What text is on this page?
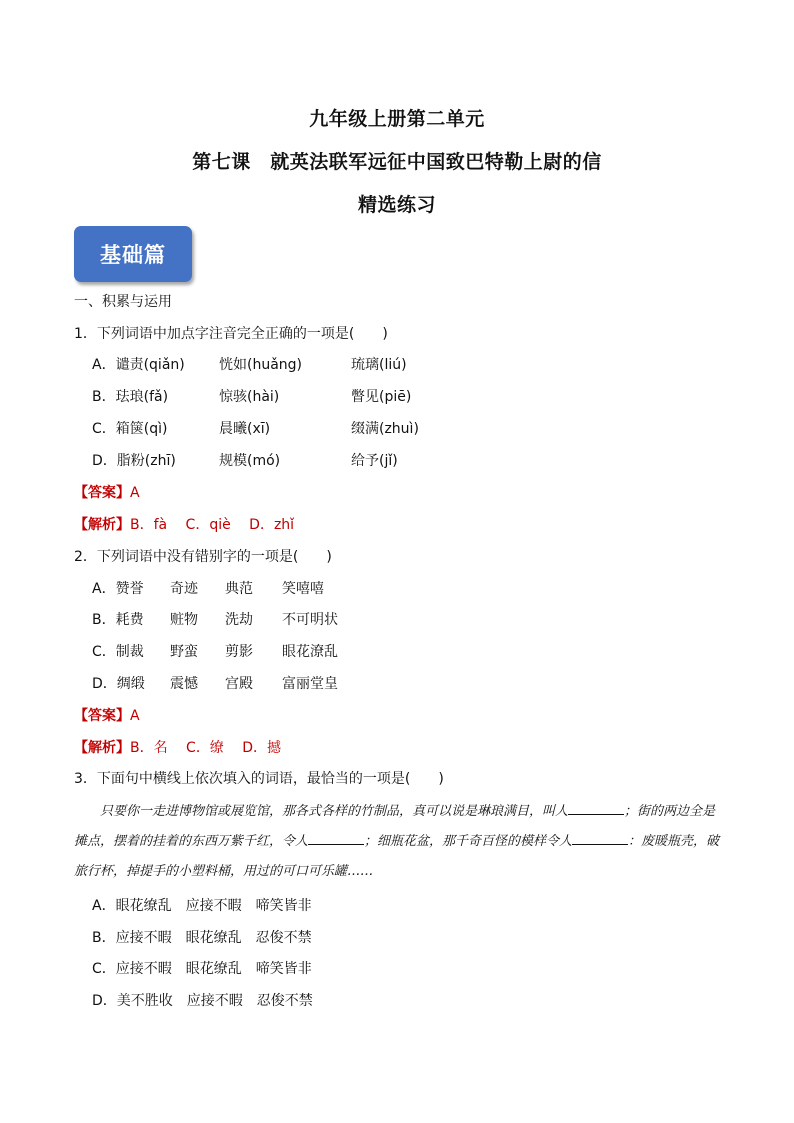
九年级上册第二单元
第七课　就英法联军远征中国致巴特勒上尉的信
精选练习
基础篇
一、积累与运用
1．下列词语中加点字注音完全正确的一项是(　　)
A．谴责(qiǎn) 恍如(huǎng)	琉璃(liú)
B．珐琅(fǎ)	惊骇(hài)	瞥见(piē)
C．箱箧(qì)	晨曦(xī)	缀满(zhuì)
D．脂粉(zhī)	规模(mó)	给予(jǐ)
【答案】A
【解析】B．fà　 C．qiè　 D．zhǐ
2．下列词语中没有错别字的一项是(　　)
A．赞誉 奇迹 典范 笑嘻嘻
B．耗费 赃物 洗劫 不可明状
C．制裁 野蛮 剪影 眼花潦乱
D．绸缎 震憾 宫殿 富丽堂皇
【答案】A
【解析】B．名　 C．缭　 D．撼
3．下面句中横线上依次填入的词语，最恰当的一项是(　　)
只要你一走进博物馆或展览馆，那各式各样的竹制品，真可以说是琳琅满目，叫人	；街的两边全是摊点，摆着的挂着的东西万紫千红，令人	；细瓶花盆，那千奇百怪的模样令人	：废暖瓶壳，破旅行杯，掉提手的小塑料桶，用过的可口可乐罐……
A．眼花缭乱　应接不暇　啼笑皆非
B．应接不暇　眼花缭乱　忍俊不禁
C．应接不暇　眼花缭乱　啼笑皆非
D．美不胜收　应接不暇　忍俊不禁
